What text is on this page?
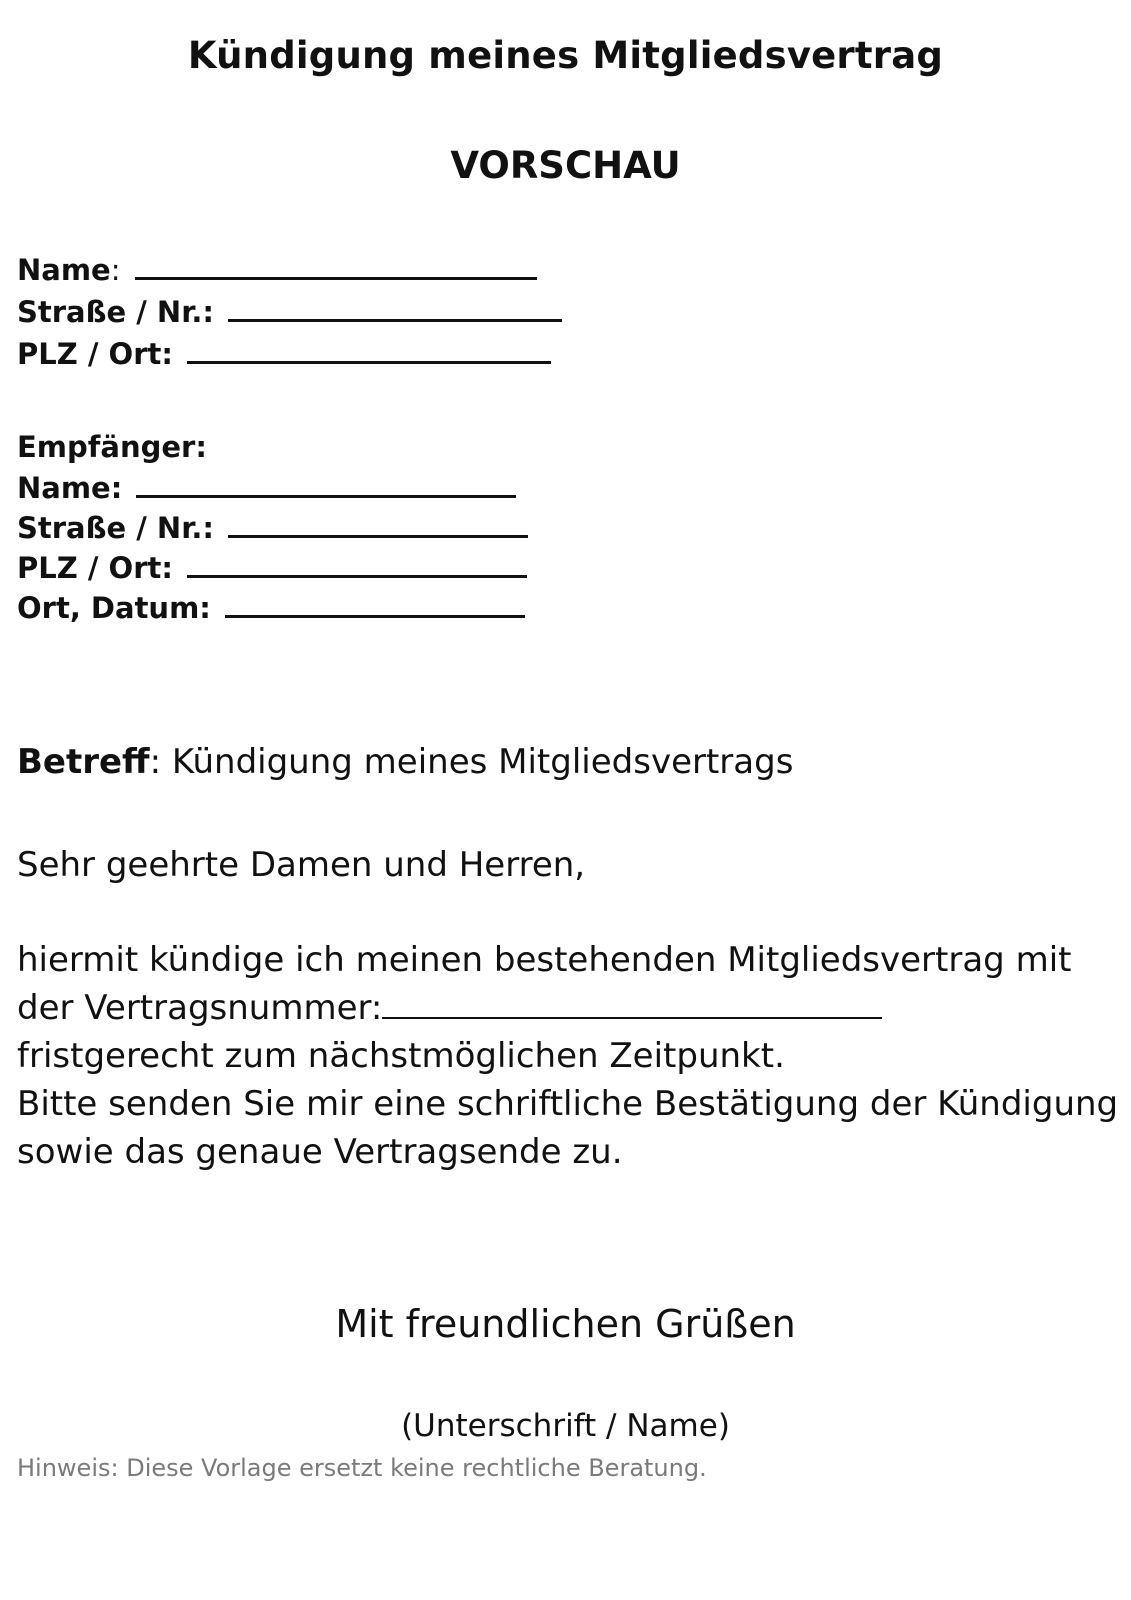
Kündigung meines Mitgliedsvertrag
VORSCHAU
Name:
Straße / Nr.:
PLZ / Ort:
Empfänger:
Name:
Straße / Nr.:
PLZ / Ort:
Ort, Datum:
Betreff: Kündigung meines Mitgliedsvertrags
Sehr geehrte Damen und Herren,
hiermit kündige ich meinen bestehenden Mitgliedsvertrag mit
der Vertragsnummer:
fristgerecht zum nächstmöglichen Zeitpunkt.
Bitte senden Sie mir eine schriftliche Bestätigung der Kündigung
sowie das genaue Vertragsende zu.
Mit freundlichen Grüßen
(Unterschrift / Name)
Hinweis: Diese Vorlage ersetzt keine rechtliche Beratung.
